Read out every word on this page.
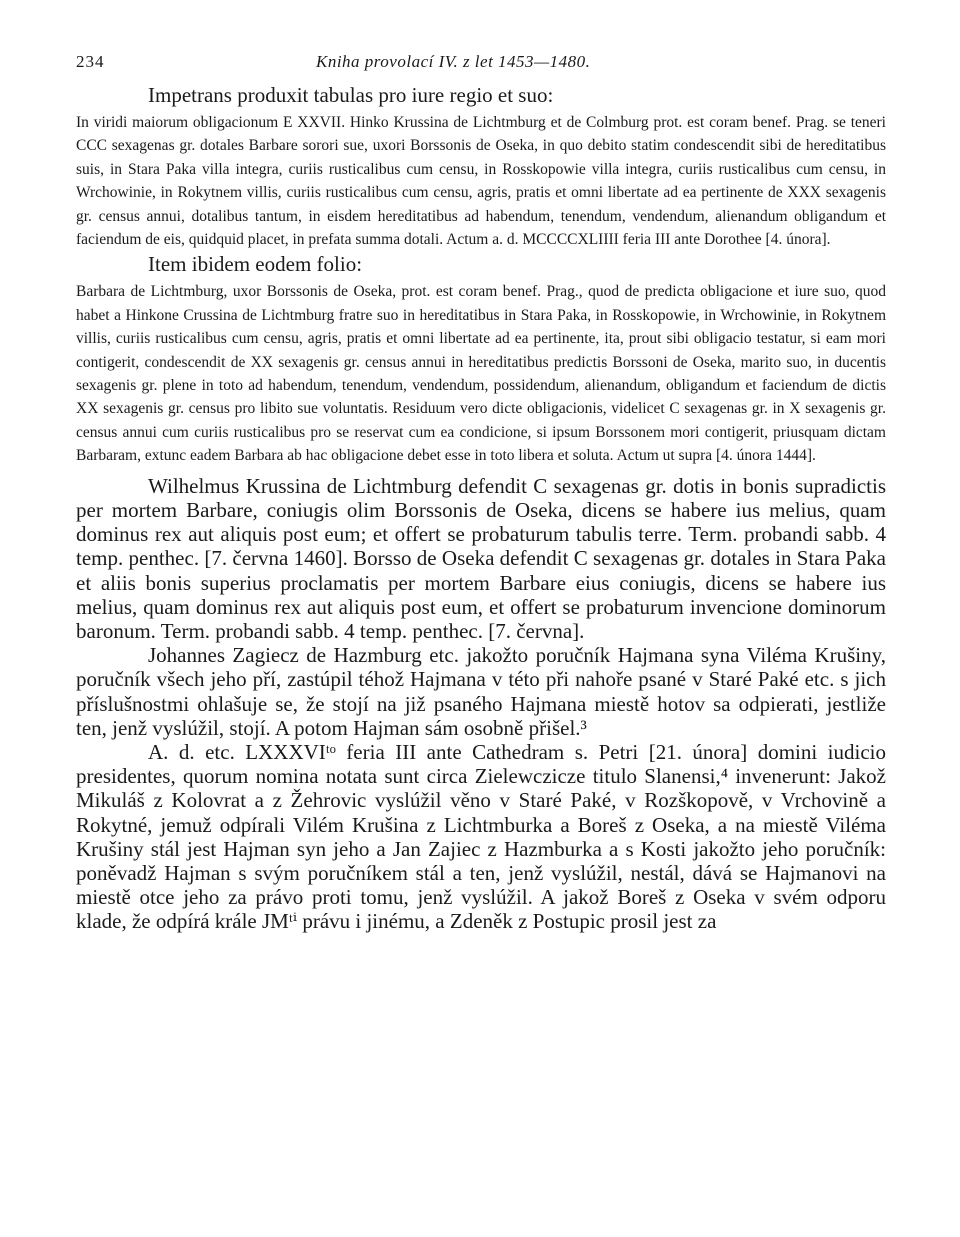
234	Kniha provolací IV. z let 1453—1480.
Impetrans produxit tabulas pro iure regio et suo:

In viridi maiorum obligacionum E XXVII. Hinko Krussina de Lichtmburg et de Colmburg prot. est coram benef. Prag. se teneri CCC sexagenas gr. dotales Barbare sorori sue, uxori Borssonis de Oseka, in quo debito statim condescendit sibi de hereditatibus suis, in Stara Paka villa integra, curiis rusticalibus cum censu, in Rosskopowie villa integra, curiis rusticalibus cum censu, in Wrchowinie, in Rokytnem villis, curiis rusticalibus cum censu, agris, pratis et omni libertate ad ea pertinente de XXX sexagenis gr. census annui, dotalibus tantum, in eisdem hereditatibus ad habendum, tenendum, vendendum, alienandum obligandum et faciendum de eis, quidquid placet, in prefata summa dotali. Actum a. d. MCCCCXLIIII feria III ante Dorothee [4. února].

Item ibidem eodem folio:

Barbara de Lichtmburg, uxor Borssonis de Oseka, prot. est coram benef. Prag., quod de predicta obligacione et iure suo, quod habet a Hinkone Crussina de Lichtmburg fratre suo in hereditatibus in Stara Paka, in Rosskopowie, in Wrchowinie, in Rokytnem villis, curiis rusticalibus cum censu, agris, pratis et omni libertate ad ea pertinente, ita, prout sibi obligacio testatur, si eam mori contigerit, condescendit de XX sexagenis gr. census annui in hereditatibus predictis Borssoni de Oseka, marito suo, in ducentis sexagenis gr. plene in toto ad habendum, tenendum, vendendum, possidendum, alienandum, obligandum et faciendum de dictis XX sexagenis gr. census pro libito sue voluntatis. Residuum vero dicte obligacionis, videlicet C sexagenas gr. in X sexagenis gr. census annui cum curiis rusticalibus pro se reservat cum ea condicione, si ipsum Borssonem mori contigerit, priusquam dictam Barbaram, extunc eadem Barbara ab hac obligacione debet esse in toto libera et soluta. Actum ut supra [4. února 1444].

Wilhelmus Krussina de Lichtmburg defendit C sexagenas gr. dotis in bonis supradictis per mortem Barbare, coniugis olim Borssonis de Oseka, dicens se habere ius melius, quam dominus rex aut aliquis post eum; et offert se probaturum tabulis terre. Term. probandi sabb. 4 temp. penthec. [7. června 1460]. Borsso de Oseka defendit C sexagenas gr. dotales in Stara Paka et aliis bonis superius proclamatis per mortem Barbare eius coniugis, dicens se habere ius melius, quam dominus rex aut aliquis post eum, et offert se probaturum invencione dominorum baronum. Term. probandi sabb. 4 temp. penthec. [7. června].

Johannes Zagiecz de Hazmburg etc. jakožto poručník Hajmana syna Viléma Krušiny, poručník všech jeho pří, zastúpil téhož Hajmana v této při nahoře psané v Staré Paké etc. s jich příslušnostmi ohlašuje se, že stojí na již psaného Hajmana miestě hotov sa odpierati, jestliže ten, jenž vyslúžil, stojí. A potom Hajman sám osobně přišel.³

A. d. etc. LXXXVIᵗᵒ feria III ante Cathedram s. Petri [21. února] domini iudicio presidentes, quorum nomina notata sunt circa Zielewczicze titulo Slanensi,⁴ invenerunt: Jakož Mikuláš z Kolovrat a z Žehrovic vyslúžil věno v Staré Paké, v Rozškopově, v Vrchovině a Rokytné, jemuž odpírali Vilém Krušina z Lichtmburka a Boreš z Oseka, a na miestě Viléma Krušiny stál jest Hajman syn jeho a Jan Zajiec z Hazmburka a s Kosti jakožto jeho poručník: poněvadž Hajman s svým poručníkem stál a ten, jenž vyslúžil, nestál, dává se Hajmanovi na miestě otce jeho za právo proti tomu, jenž vyslúžil. A jakož Boreš z Oseka v svém odporu klade, že odpírá krále JMᵗⁱ právu i jinému, a Zdeněk z Postupic prosil jest za
